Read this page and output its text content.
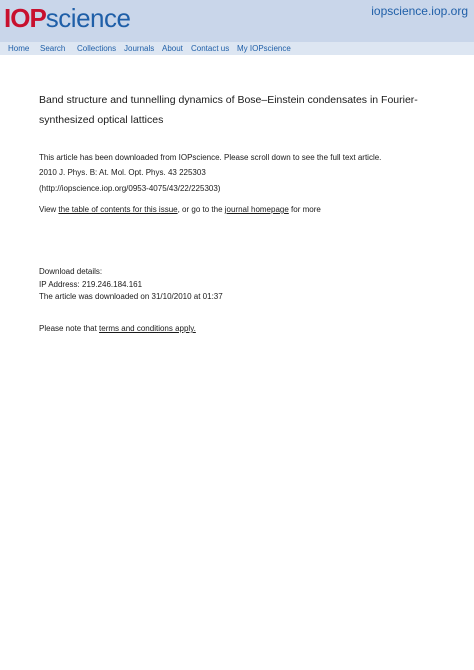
IOP science	iopscience.iop.org
Home Search Collections Journals About Contact us My IOPscience
Band structure and tunnelling dynamics of Bose–Einstein condensates in Fourier-synthesized optical lattices
This article has been downloaded from IOPscience. Please scroll down to see the full text article.
2010 J. Phys. B: At. Mol. Opt. Phys. 43 225303
(http://iopscience.iop.org/0953-4075/43/22/225303)
View the table of contents for this issue, or go to the journal homepage for more
Download details:
IP Address: 219.246.184.161
The article was downloaded on 31/10/2010 at 01:37
Please note that terms and conditions apply.
